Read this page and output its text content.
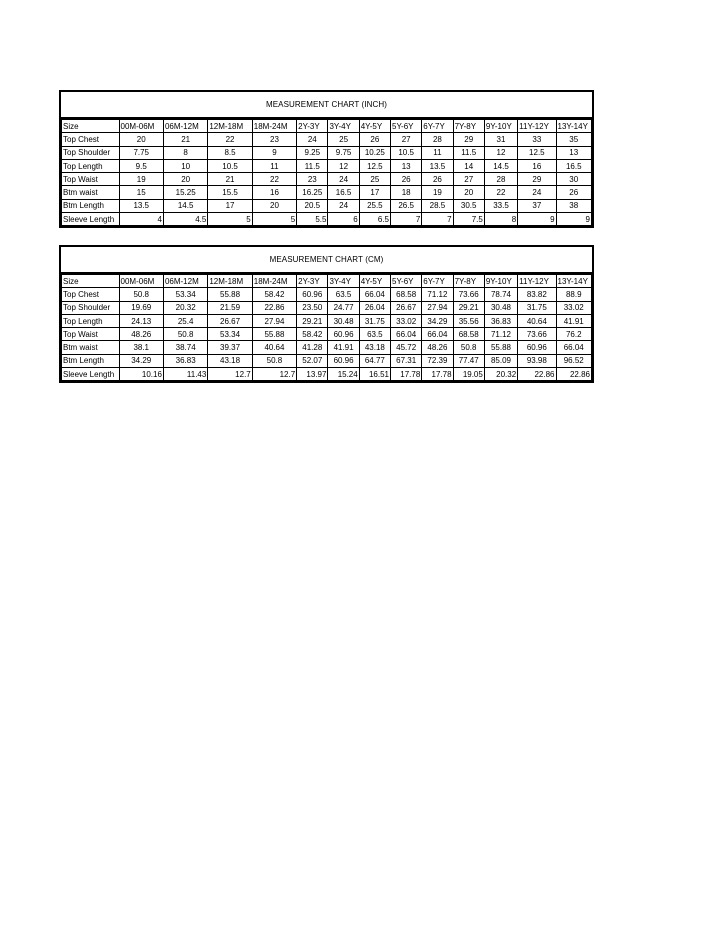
MEASUREMENT CHART (INCH)
Size	00M-06M	06M-12M	12M-18M	18M-24M	2Y-3Y	3Y-4Y	4Y-5Y	5Y-6Y	6Y-7Y	7Y-8Y	9Y-10Y	11Y-12Y	13Y-14Y
Top Chest	20	21	22	23	24	25	26	27	28	29	31	33	35
Top Shoulder	7.75	8	8.5	9	9.25	9.75	10.25	10.5	11	11.5	12	12.5	13
Top Length	9.5	10	10.5	11	11.5	12	12.5	13	13.5	14	14.5	16	16.5
Top Waist	19	20	21	22	23	24	25	26	26	27	28	29	30
Btm waist	15	15.25	15.5	16	16.25	16.5	17	18	19	20	22	24	26
Btm Length	13.5	14.5	17	20	20.5	24	25.5	26.5	28.5	30.5	33.5	37	38
Sleeve Length	4	4.5	5	5	5.5	6	6.5	7	7	7.5	8	9	9
MEASUREMENT CHART (CM)
Size	00M-06M	06M-12M	12M-18M	18M-24M	2Y-3Y	3Y-4Y	4Y-5Y	5Y-6Y	6Y-7Y	7Y-8Y	9Y-10Y	11Y-12Y	13Y-14Y
Top Chest	50.8	53.34	55.88	58.42	60.96	63.5	66.04	68.58	71.12	73.66	78.74	83.82	88.9
Top Shoulder	19.69	20.32	21.59	22.86	23.50	24.77	26.04	26.67	27.94	29.21	30.48	31.75	33.02
Top Length	24.13	25.4	26.67	27.94	29.21	30.48	31.75	33.02	34.29	35.56	36.83	40.64	41.91
Top Waist	48.26	50.8	53.34	55.88	58.42	60.96	63.5	66.04	66.04	68.58	71.12	73.66	76.2
Btm waist	38.1	38.74	39.37	40.64	41.28	41.91	43.18	45.72	48.26	50.8	55.88	60.96	66.04
Btm Length	34.29	36.83	43.18	50.8	52.07	60.96	64.77	67.31	72.39	77.47	85.09	93.98	96.52
Sleeve Length	10.16	11.43	12.7	12.7	13.97	15.24	16.51	17.78	17.78	19.05	20.32	22.86	22.86
